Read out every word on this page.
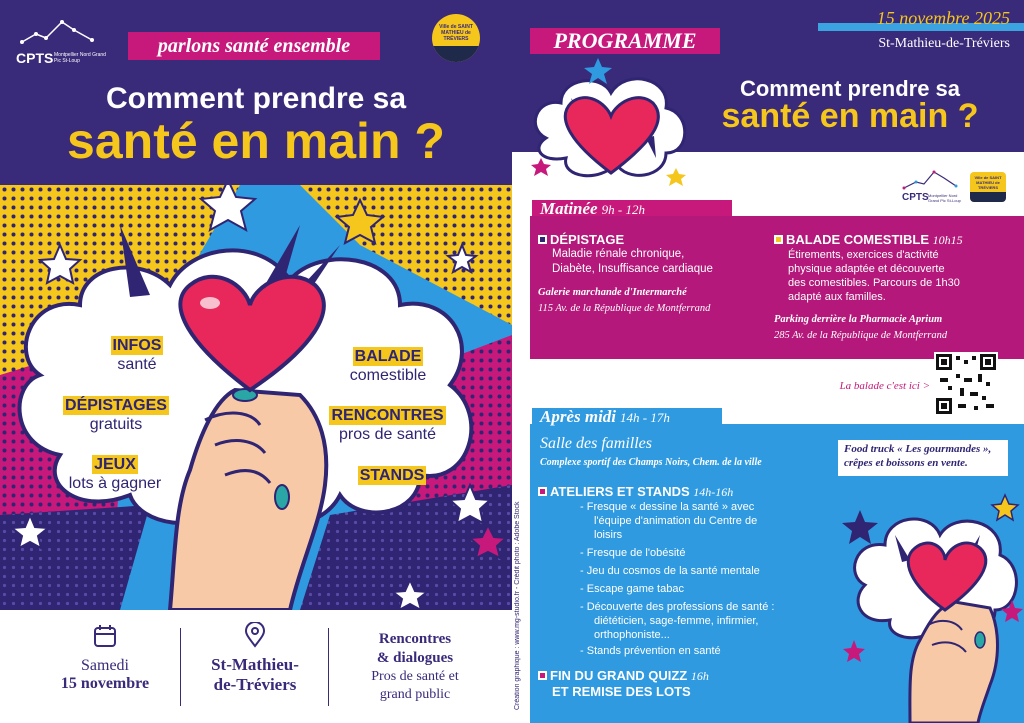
CPTS Montpellier Nord Grand Pic St-Loup
Ville de SAINT MATHIEU de TRÉVIERS
parlons santé ensemble
Comment prendre sa
santé en main ?
INFOS
santé
DÉPISTAGES
gratuits
JEUX
lots à gagner
BALADE
comestible
RENCONTRES
pros de santé
STANDS
Samedi
15 novembre
St-Mathieu-
de-Tréviers
Rencontres
& dialogues
Pros de santé et
grand public
15 novembre 2025
St-Mathieu-de-Tréviers
PROGRAMME
Comment prendre sa
santé en main ?
CPTS Montpellier Nord Grand Pic St-Loup
Ville de SAINT MATHIEU de TRÉVIERS
Matinée 9h - 12h
DÉPISTAGE
Maladie rénale chronique,
Diabète, Insuffisance cardiaque
Galerie marchande d'Intermarché
115 Av. de la République de Montferrand
BALADE COMESTIBLE 10h15
Étirements, exercices d'activité
physique adaptée et découverte
des comestibles. Parcours de 1h30
adapté aux familles.
Parking derrière la Pharmacie Aprium
285 Av. de la République de Montferrand
La balade c'est ici >
Après midi 14h - 17h
Salle des familles
Complexe sportif des Champs Noirs, Chem. de la ville
Food truck « Les gourmandes », crêpes et boissons en vente.
ATELIERS ET STANDS 14h-16h
- Fresque « dessine la santé » avec
l'équipe d'animation du Centre de
loisirs
- Fresque de l'obésité
- Jeu du cosmos de la santé mentale
- Escape game tabac
- Découverte des professions de santé :
diététicien, sage-femme, infirmier,
orthophoniste...
- Stands prévention en santé
FIN DU GRAND QUIZZ 16h
ET REMISE DES LOTS
Création graphique : www.mg-studio.fr - Crédit photo : Adobe Stock
